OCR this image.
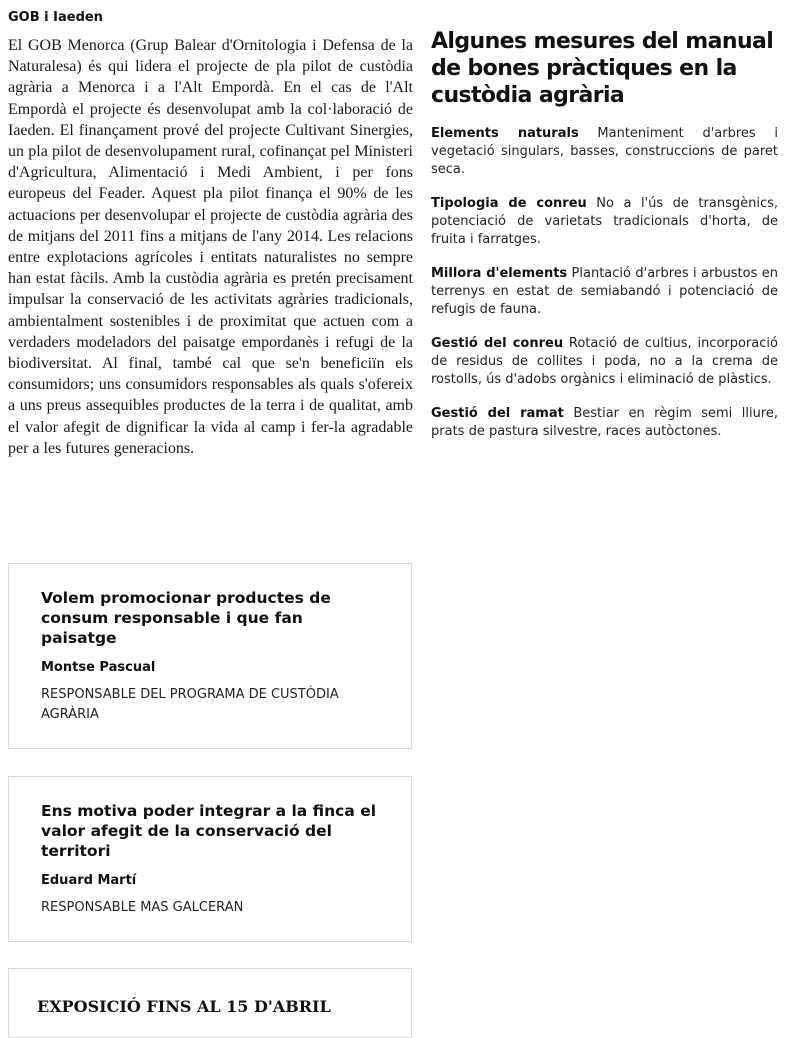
GOB i Iaeden

El GOB Menorca (Grup Balear d'Ornitologia i Defensa de la Naturalesa) és qui lidera el projecte de pla pilot de custòdia agrària a Menorca i a l'Alt Empordà. En el cas de l'Alt Empordà el projecte és desenvolupat amb la col·laboració de Iaeden. El finançament prové del projecte Cultivant Sinergies, un pla pilot de desenvolupament rural, cofinançat pel Ministeri d'Agricultura, Alimentació i Medi Ambient, i per fons europeus del Feader. Aquest pla pilot finança el 90% de les actuacions per desenvolupar el projecte de custòdia agrària des de mitjans del 2011 fins a mitjans de l'any 2014. Les relacions entre explotacions agrícoles i entitats naturalistes no sempre han estat fàcils. Amb la custòdia agrària es pretén precisament impulsar la conservació de les activitats agràries tradicionals, ambientalment sostenibles i de proximitat que actuen com a verdaders modeladors del paisatge empordanès i refugi de la biodiversitat. Al final, també cal que se'n beneficiïn els consumidors; uns consumidors responsables als quals s'ofereix a uns preus assequibles productes de la terra i de qualitat, amb el valor afegit de dignificar la vida al camp i fer-la agradable per a les futures generacions.

Volem promocionar productes de consum responsable i que fan paisatge

Montse Pascual

RESPONSABLE DEL PROGRAMA DE CUSTÒDIA AGRÀRIA

Ens motiva poder integrar a la finca el valor afegit de la conservació del territori

Eduard Martí

RESPONSABLE MAS GALCERAN

EXPOSICIÓ FINS AL 15 D'ABRIL

Algunes mesures del manual de bones pràctiques en la custòdia agrària

Elements naturals Manteniment d'arbres i vegetació singulars, basses, construccions de paret seca.

Tipologia de conreu No a l'ús de transgènics, potenciació de varietats tradicionals d'horta, de fruita i farratges.

Millora d'elements Plantació d'arbres i arbustos en terrenys en estat de semiabandó i potenciació de refugis de fauna.

Gestió del conreu Rotació de cultius, incorporació de residus de collites i poda, no a la crema de rostolls, ús d'adobs orgànics i eliminació de plàstics.

Gestió del ramat Bestiar en règim semi lliure, prats de pastura silvestre, races autòctones.
